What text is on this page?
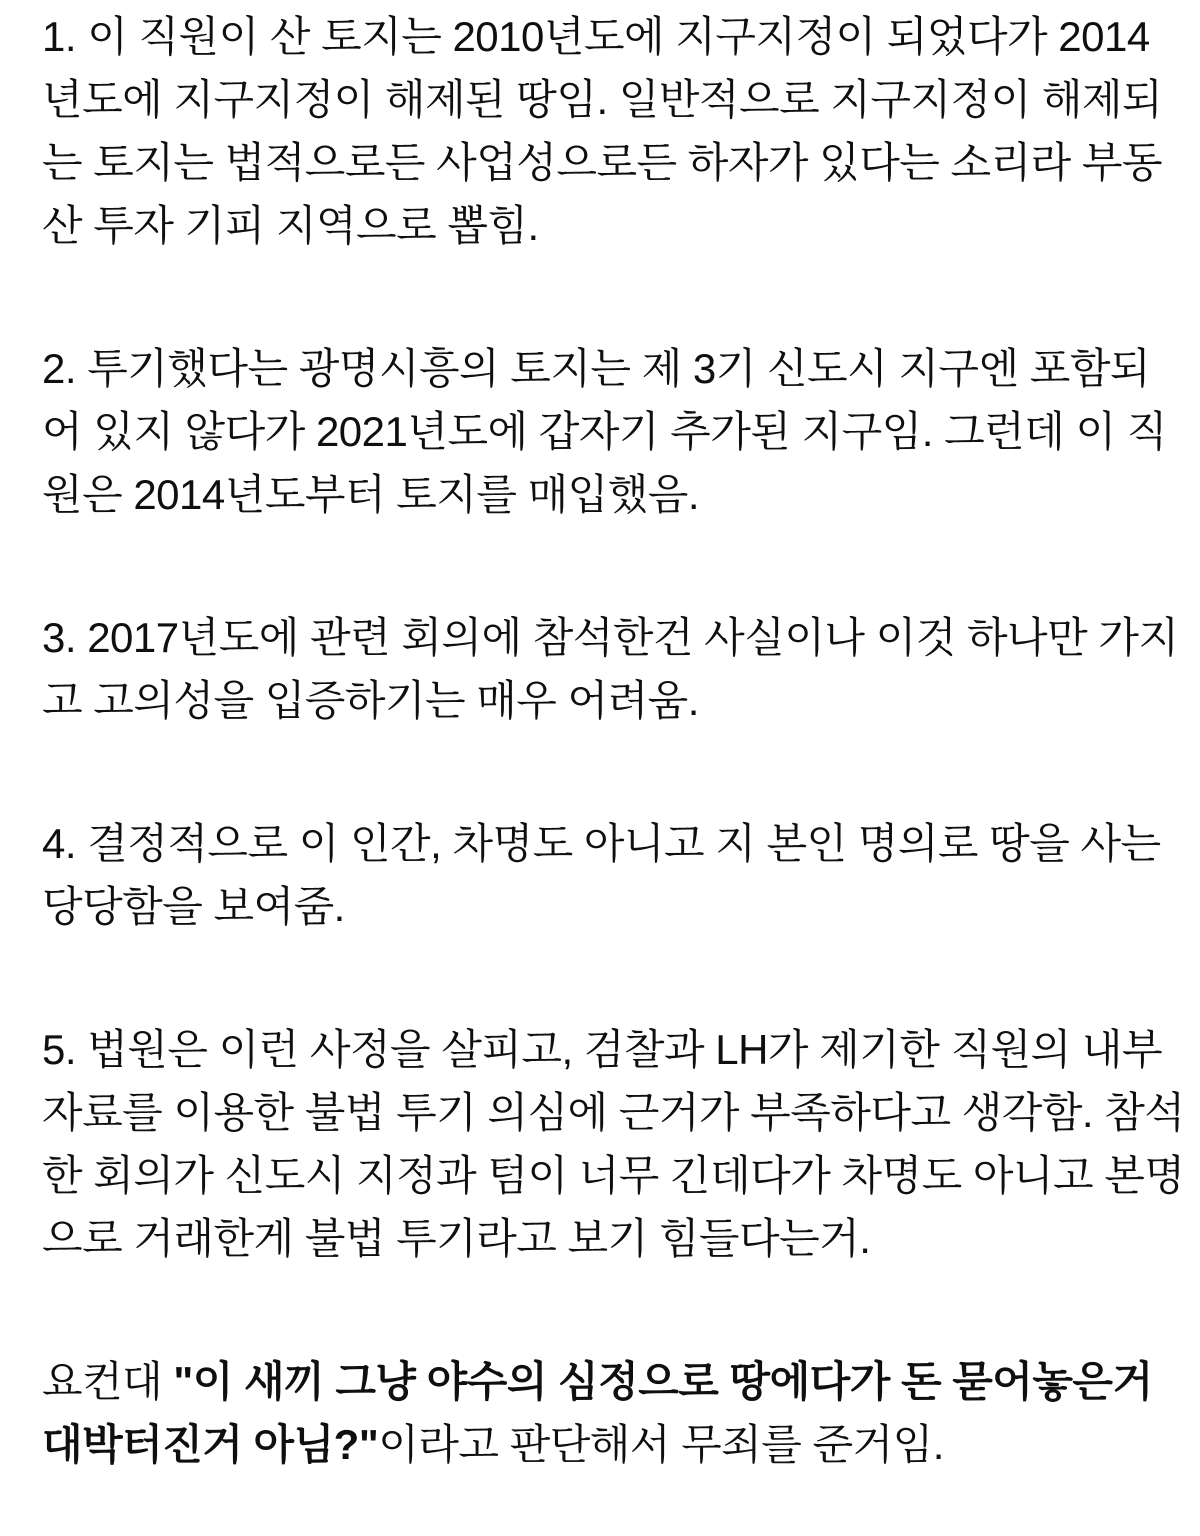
1. 이 직원이 산 토지는 2010년도에 지구지정이 되었다가 2014
년도에 지구지정이 해제된 땅임. 일반적으로 지구지정이 해제되
는 토지는 법적으로든 사업성으로든 하자가 있다는 소리라 부동
산 투자 기피 지역으로 뽑힘.

2. 투기했다는 광명시흥의 토지는 제 3기 신도시 지구엔 포함되
어 있지 않다가 2021년도에 갑자기 추가된 지구임. 그런데 이 직
원은 2014년도부터 토지를 매입했음.

3. 2017년도에 관련 회의에 참석한건 사실이나 이것 하나만 가지
고 고의성을 입증하기는 매우 어려움.

4. 결정적으로 이 인간, 차명도 아니고 지 본인 명의로 땅을 사는
당당함을 보여줌.

5. 법원은 이런 사정을 살피고, 검찰과 LH가 제기한 직원의 내부
자료를 이용한 불법 투기 의심에 근거가 부족하다고 생각함. 참석
한 회의가 신도시 지정과 텀이 너무 긴데다가 차명도 아니고 본명
으로 거래한게 불법 투기라고 보기 힘들다는거.

요컨대 "이 새끼 그냥 야수의 심정으로 땅에다가 돈 묻어놓은거
대박터진거 아님?"이라고 판단해서 무죄를 준거임.
